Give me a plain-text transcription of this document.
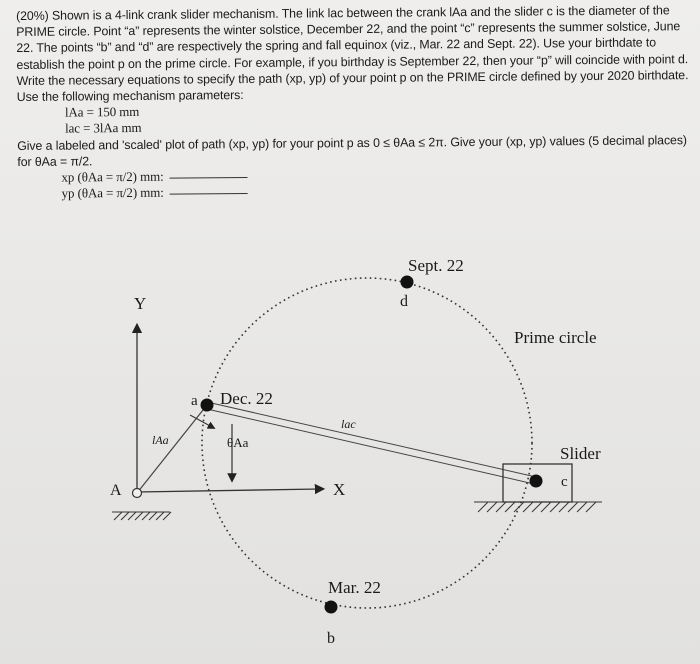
(20%) Shown is a 4-link crank slider mechanism. The link lac between the crank lAa and the slider c is the diameter of the PRIME circle. Point “a” represents the winter solstice, December 22, and the point “c” represents the summer solstice, June 22. The points “b” and “d” are respectively the spring and fall equinox (viz., Mar. 22 and Sept. 22). Use your birthdate to establish the point p on the prime circle. For example, if you birthday is September 22, then your “p” will coincide with point d. Write the necessary equations to specify the path (xp, yp) of your point p on the PRIME circle defined by your 2020 birthdate. Use the following mechanism parameters:

lAa = 150 mm

lac = 3lAa mm

Give a labeled and 'scaled' plot of path (xp, yp) for your point p as 0 ≤ θAa ≤ 2π. Give your (xp, yp) values (5 decimal places) for θAa = π/2.

xp (θAa = π/2) mm:

yp (θAa = π/2) mm:

Y
X
A
a Dec. 22
lAa	θAa
lac
Sept. 22
d
Prime circle
Slider
c
Mar. 22
b
